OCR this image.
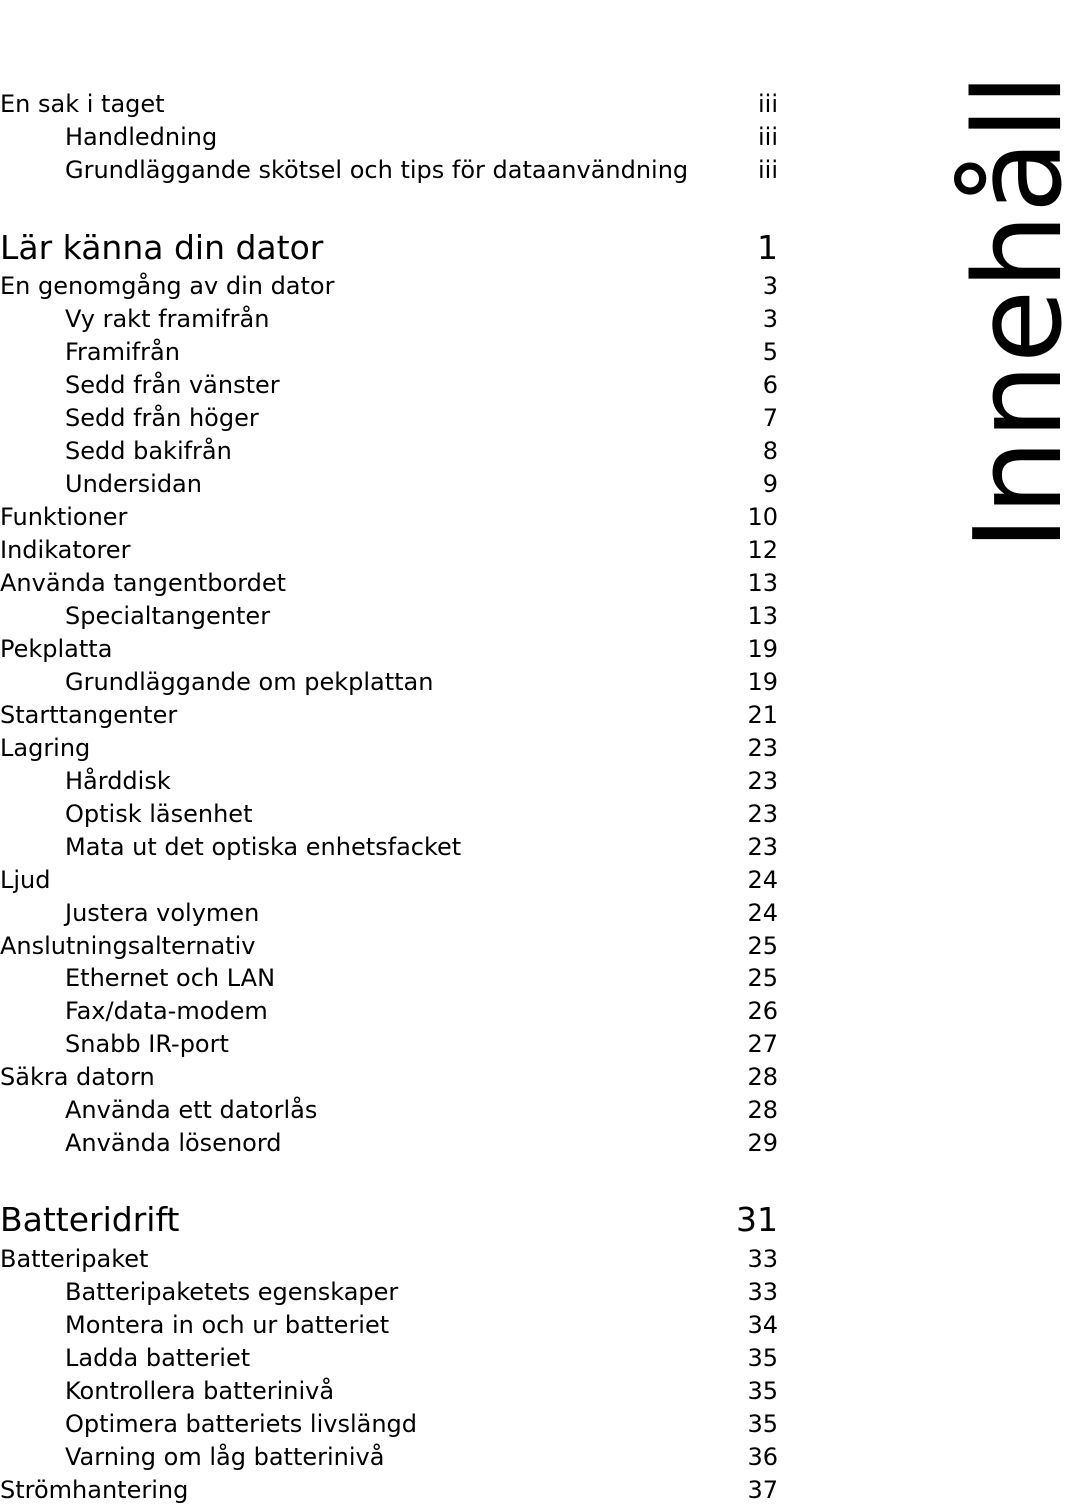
En sak i taget	iii
Handledning	iii
Grundläggande skötsel och tips för dataanvändning	iii
Lär känna din dator	1
En genomgång av din dator	3
Vy rakt framifrån	3
Framifrån	5
Sedd från vänster	6
Sedd från höger	7
Sedd bakifrån	8
Undersidan	9
Funktioner	10
Indikatorer	12
Använda tangentbordet	13
Specialtangenter	13
Pekplatta	19
Grundläggande om pekplattan	19
Starttangenter	21
Lagring	23
Hårddisk	23
Optisk läsenhet	23
Mata ut det optiska enhetsfacket	23
Ljud	24
Justera volymen	24
Anslutningsalternativ	25
Ethernet och LAN	25
Fax/data-modem	26
Snabb IR-port	27
Säkra datorn	28
Använda ett datorlås	28
Använda lösenord	29
Batteridrift	31
Batteripaket	33
Batteripaketets egenskaper	33
Montera in och ur batteriet	34
Ladda batteriet	35
Kontrollera batterinivå	35
Optimera batteriets livslängd	35
Varning om låg batterinivå	36
Strömhantering	37
Innehåll
